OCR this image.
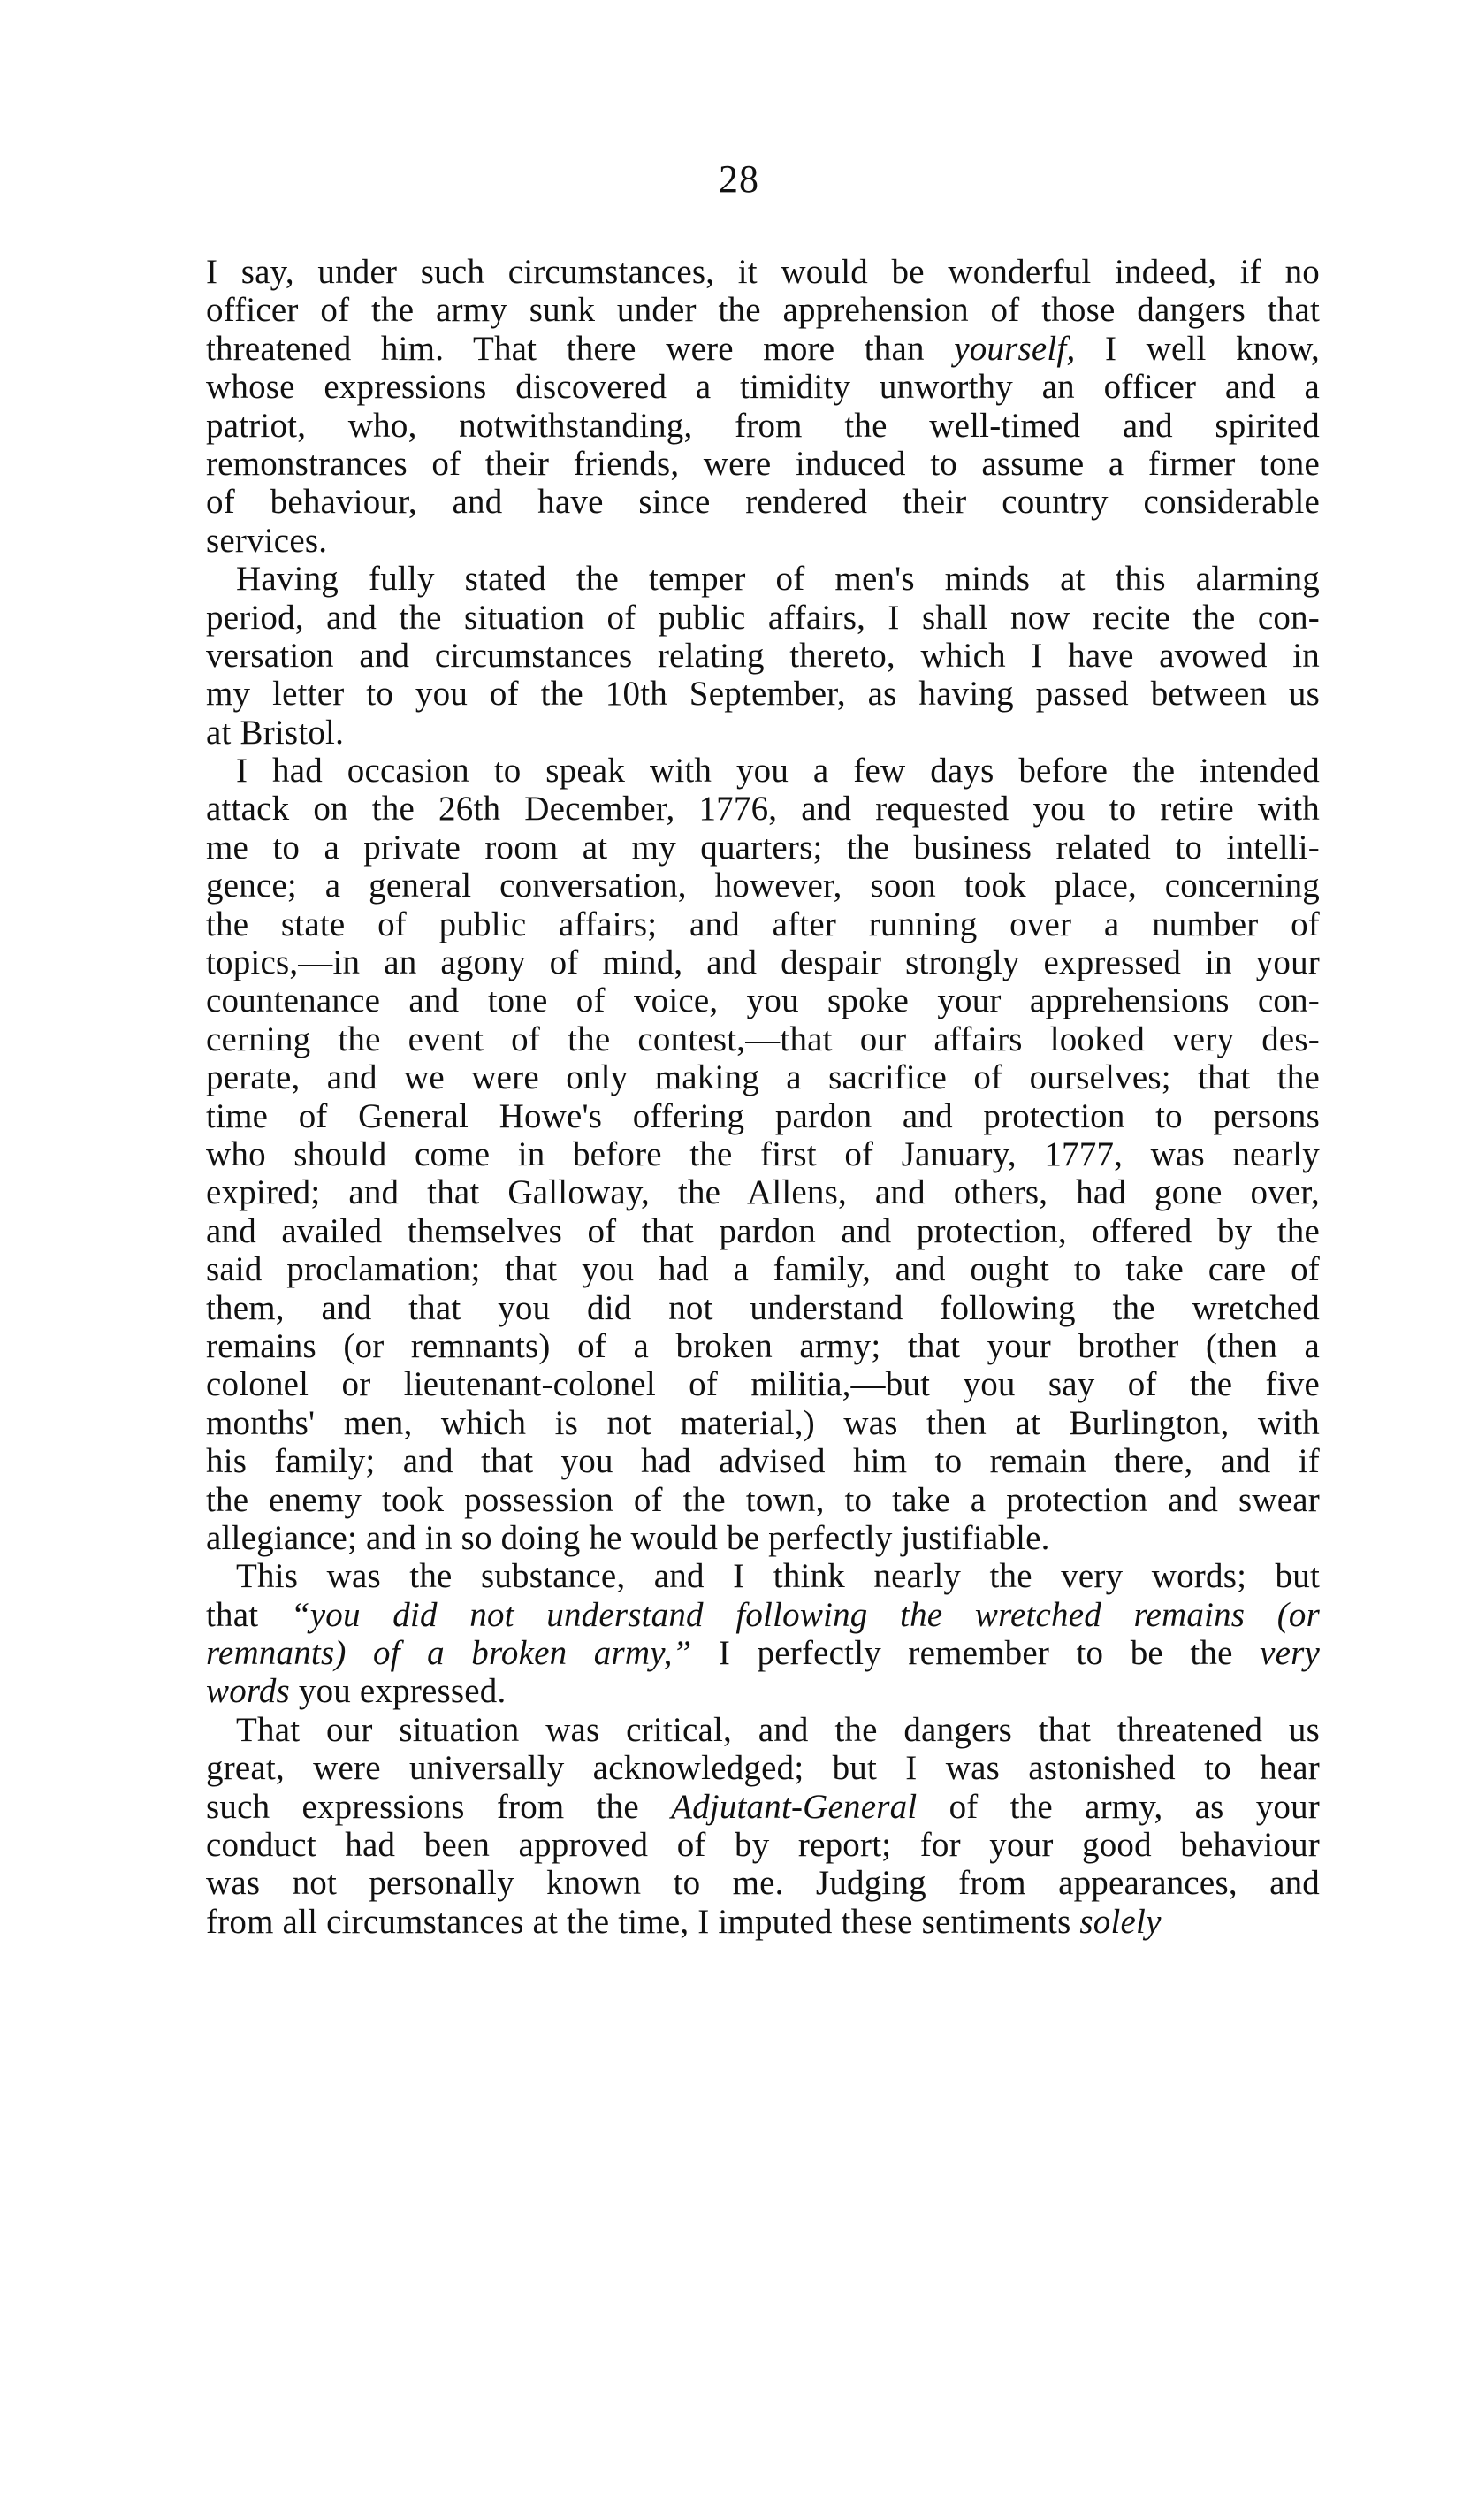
28
I say, under such circumstances, it would be wonderful indeed, if no
officer of the army sunk under the apprehension of those dangers that
threatened him. That there were more than yourself, I well know,
whose expressions discovered a timidity unworthy an officer and a
patriot, who, notwithstanding, from the well-timed and spirited
remonstrances of their friends, were induced to assume a firmer tone
of behaviour, and have since rendered their country considerable
services.
Having fully stated the temper of men's minds at this alarming
period, and the situation of public affairs, I shall now recite the con-
versation and circumstances relating thereto, which I have avowed in
my letter to you of the 10th September, as having passed between us
at Bristol.
I had occasion to speak with you a few days before the intended
attack on the 26th December, 1776, and requested you to retire with
me to a private room at my quarters; the business related to intelli-
gence; a general conversation, however, soon took place, concerning
the state of public affairs; and after running over a number of
topics,—in an agony of mind, and despair strongly expressed in your
countenance and tone of voice, you spoke your apprehensions con-
cerning the event of the contest,—that our affairs looked very des-
perate, and we were only making a sacrifice of ourselves; that the
time of General Howe's offering pardon and protection to persons
who should come in before the first of January, 1777, was nearly
expired; and that Galloway, the Allens, and others, had gone over,
and availed themselves of that pardon and protection, offered by the
said proclamation; that you had a family, and ought to take care of
them, and that you did not understand following the wretched
remains (or remnants) of a broken army; that your brother (then a
colonel or lieutenant-colonel of militia,—but you say of the five
months' men, which is not material,) was then at Burlington, with
his family; and that you had advised him to remain there, and if
the enemy took possession of the town, to take a protection and swear
allegiance; and in so doing he would be perfectly justifiable.
This was the substance, and I think nearly the very words; but
that “you did not understand following the wretched remains (or
remnants) of a broken army,” I perfectly remember to be the very
words you expressed.
That our situation was critical, and the dangers that threatened us
great, were universally acknowledged; but I was astonished to hear
such expressions from the Adjutant-General of the army, as your
conduct had been approved of by report; for your good behaviour
was not personally known to me. Judging from appearances, and
from all circumstances at the time, I imputed these sentiments solely
